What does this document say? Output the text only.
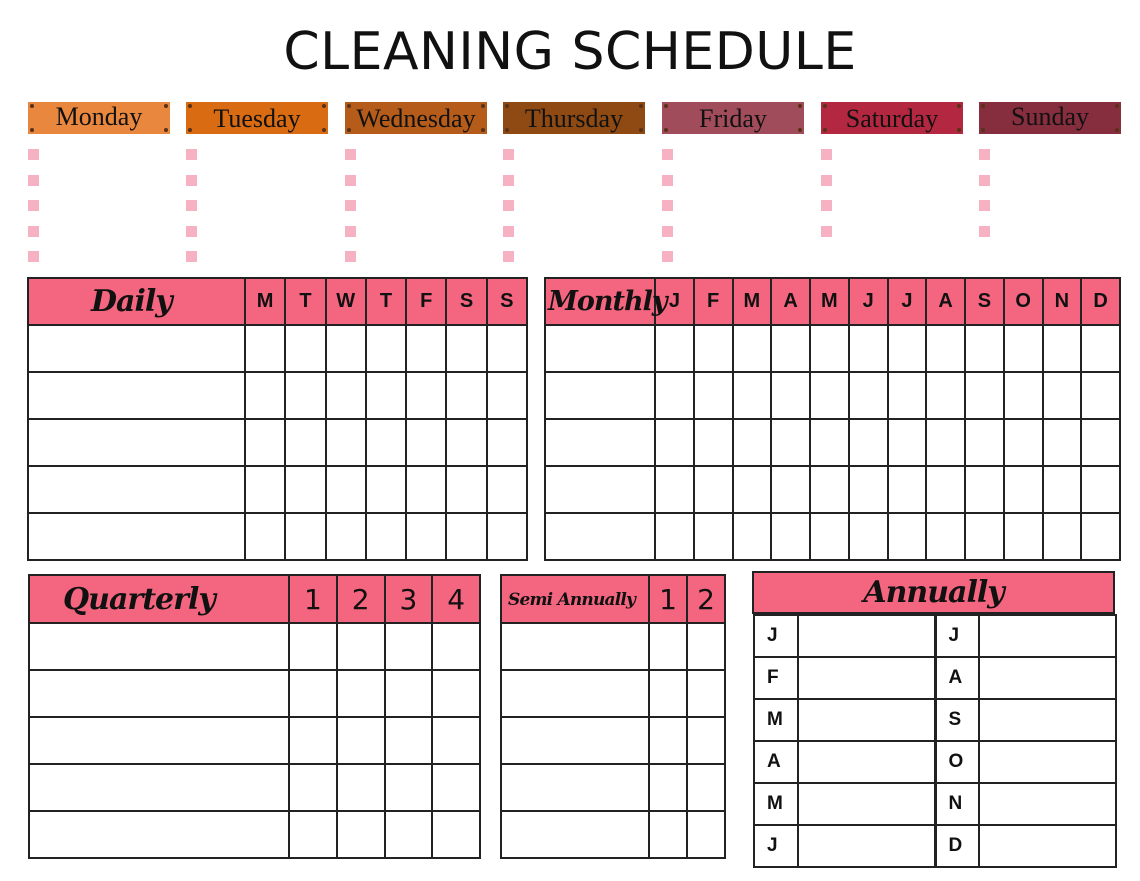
CLEANING SCHEDULE
Monday	Tuesday	Wednesday	Thursday	Friday	Saturday	Sunday
Daily	M	T	W	T	F	S	S

							Monthly	J	F	M	A	M	J	J	A	S	O	N	D

Quarterly	1	2	3	4

					Semi Annually	1	2

			Annually
J		J	
F		A	
M		S	
A		O	
M		N	
J		D	
